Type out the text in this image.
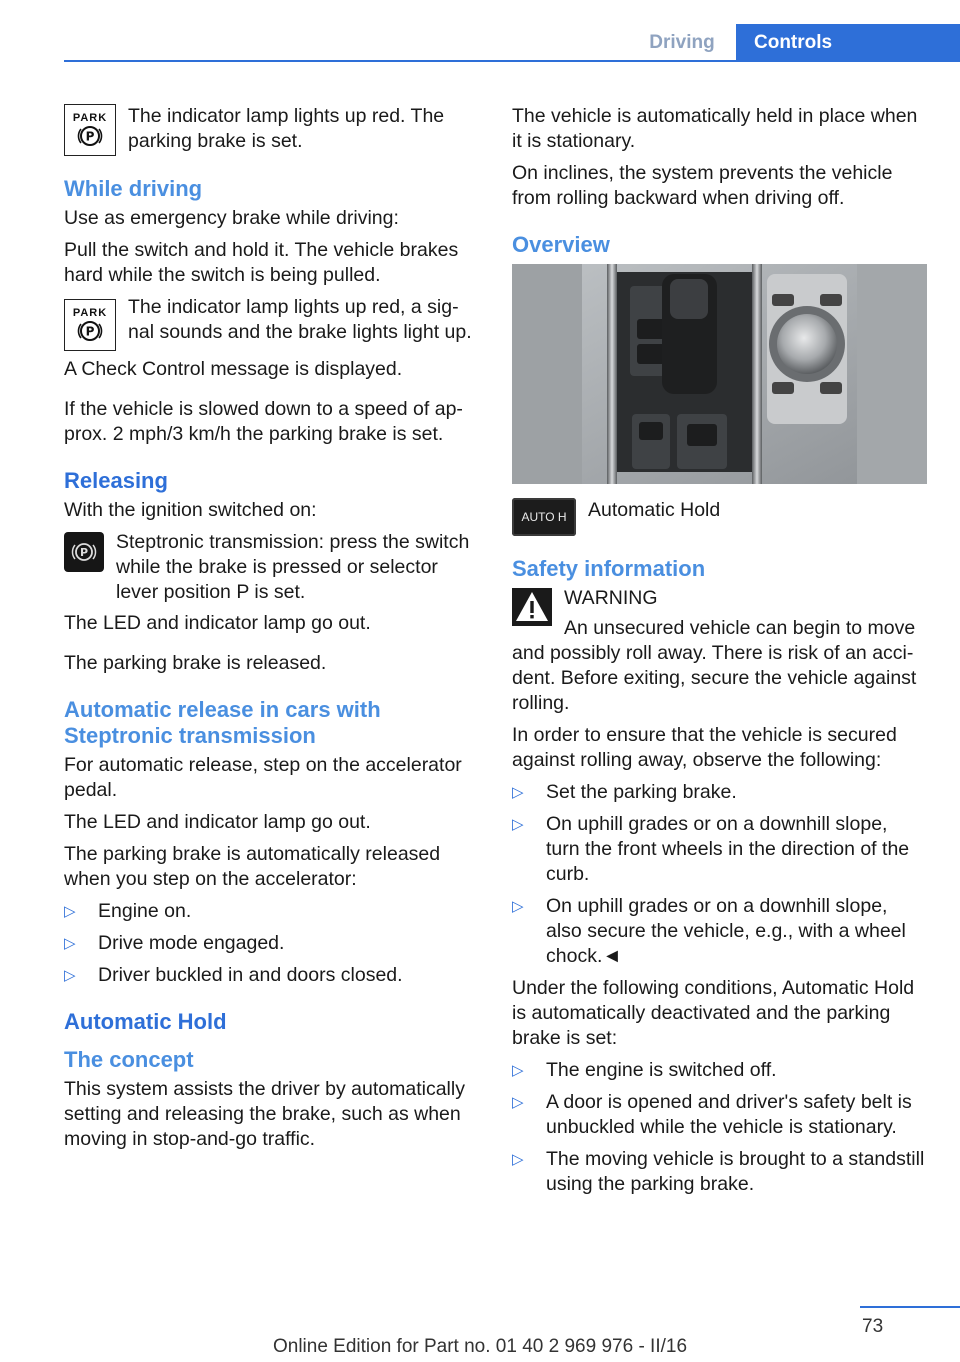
Driving	Controls
PARK
P
The indicator lamp lights up red. The parking brake is set.
While driving

Use as emergency brake while driving:

Pull the switch and hold it. The vehicle brakes hard while the switch is being pulled.

PARK
P
The indicator lamp lights up red, a signal sounds and the brake lights light up.

A Check Control message is displayed.

If the vehicle is slowed down to a speed of approx. 2 mph/3 km/h the parking brake is set.

Releasing

With the ignition switched on:

P Steptronic transmission: press the switch while the brake is pressed or selector lever position P is set.

The LED and indicator lamp go out.

The parking brake is released.

Automatic release in cars with Steptronic transmission

For automatic release, step on the accelerator pedal.

The LED and indicator lamp go out.

The parking brake is automatically released when you step on the accelerator:

▷	Engine on.
▷	Drive mode engaged.
▷	Driver buckled in and doors closed.
Automatic Hold
The concept

This system assists the driver by automatically setting and releasing the brake, such as when moving in stop-and-go traffic.

The vehicle is automatically held in place when it is stationary.

On inclines, the system prevents the vehicle from rolling backward when driving off.

Overview
AUTO H	Automatic Hold
Safety information
WARNING

An unsecured vehicle can begin to move and possibly roll away. There is risk of an accident. Before exiting, secure the vehicle against rolling.

In order to ensure that the vehicle is secured against rolling away, observe the following:

▷	Set the parking brake.
▷	On uphill grades or on a downhill slope, turn the front wheels in the direction of the curb.
▷	On uphill grades or on a downhill slope, also secure the vehicle, e.g., with a wheel chock.◄

Under the following conditions, Automatic Hold is automatically deactivated and the parking brake is set:

▷	The engine is switched off.
▷	A door is opened and driver's safety belt is unbuckled while the vehicle is stationary.
▷	The moving vehicle is brought to a standstill using the parking brake.
73
Online Edition for Part no. 01 40 2 969 976 - II/16
